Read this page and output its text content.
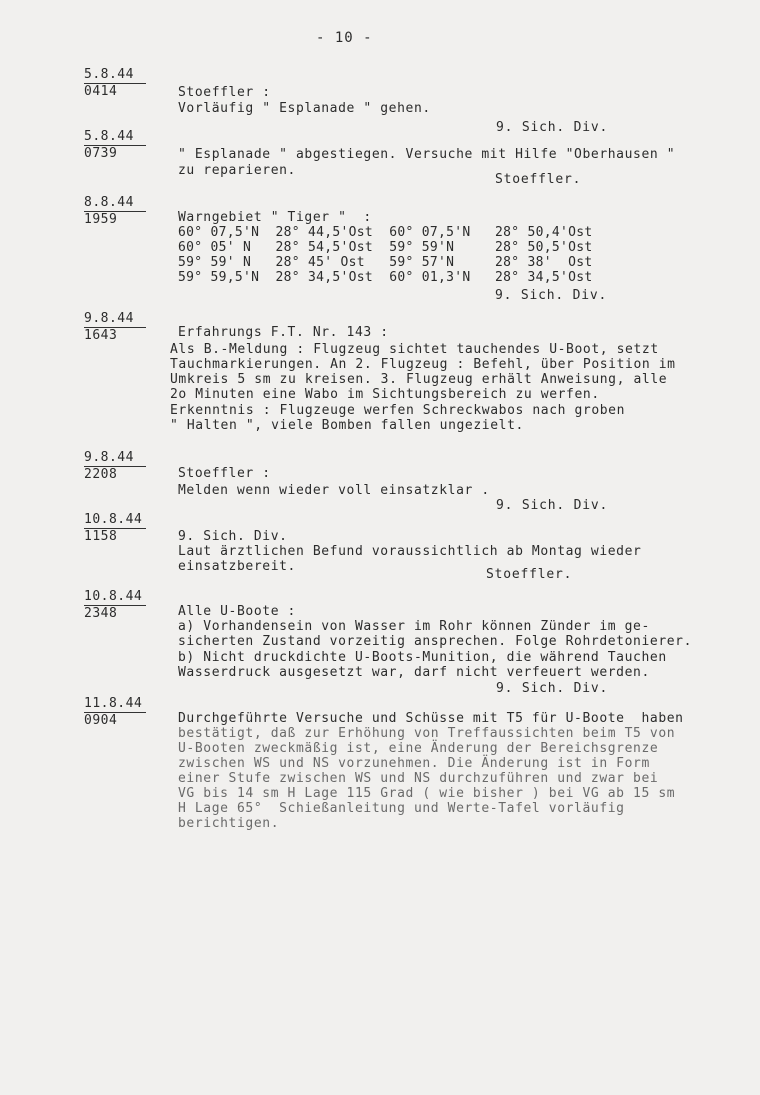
- 10 -
5.8.44
0414	Stoeffler :
Vorläufig " Esplanade " gehen.
9. Sich. Div.
5.8.44
0739	" Esplanade " abgestiegen. Versuche mit Hilfe "Oberhausen "
zu reparieren.
Stoeffler.
8.8.44
1959	Warngebiet " Tiger "  :
60° 07,5'N  28° 44,5'Ost  60° 07,5'N   28° 50,4'Ost
60° 05' N   28° 54,5'Ost  59° 59'N     28° 50,5'Ost
59° 59' N   28° 45' Ost   59° 57'N     28° 38'  Ost
59° 59,5'N  28° 34,5'Ost  60° 01,3'N   28° 34,5'Ost
9. Sich. Div.
9.8.44
1643	Erfahrungs F.T. Nr. 143 :
Als B.-Meldung : Flugzeug sichtet tauchendes U-Boot, setzt
Tauchmarkierungen. An 2. Flugzeug : Befehl, über Position im
Umkreis 5 sm zu kreisen. 3. Flugzeug erhält Anweisung, alle
2o Minuten eine Wabo im Sichtungsbereich zu werfen.
Erkenntnis : Flugzeuge werfen Schreckwabos nach groben
" Halten ", viele Bomben fallen ungezielt.
9.8.44
2208	Stoeffler :
Melden wenn wieder voll einsatzklar .
9. Sich. Div.
10.8.44
1158	9. Sich. Div.
Laut ärztlichen Befund voraussichtlich ab Montag wieder
einsatzbereit.
Stoeffler.
10.8.44
2348	Alle U-Boote :
a) Vorhandensein von Wasser im Rohr können Zünder im ge-
sicherten Zustand vorzeitig ansprechen. Folge Rohrdetonierer.
b) Nicht druckdichte U-Boots-Munition, die während Tauchen
Wasserdruck ausgesetzt war, darf nicht verfeuert werden.
9. Sich. Div.
11.8.44
0904	Durchgeführte Versuche und Schüsse mit T5 für U-Boote  haben
bestätigt, daß zur Erhöhung von Treffaussichten beim T5 von
U-Booten zweckmäßig ist, eine Änderung der Bereichsgrenze
zwischen WS und NS vorzunehmen. Die Änderung ist in Form
einer Stufe zwischen WS und NS durchzuführen und zwar bei
VG bis 14 sm H Lage 115 Grad ( wie bisher ) bei VG ab 15 sm
H Lage 65°  Schießanleitung und Werte-Tafel vorläufig
berichtigen.
